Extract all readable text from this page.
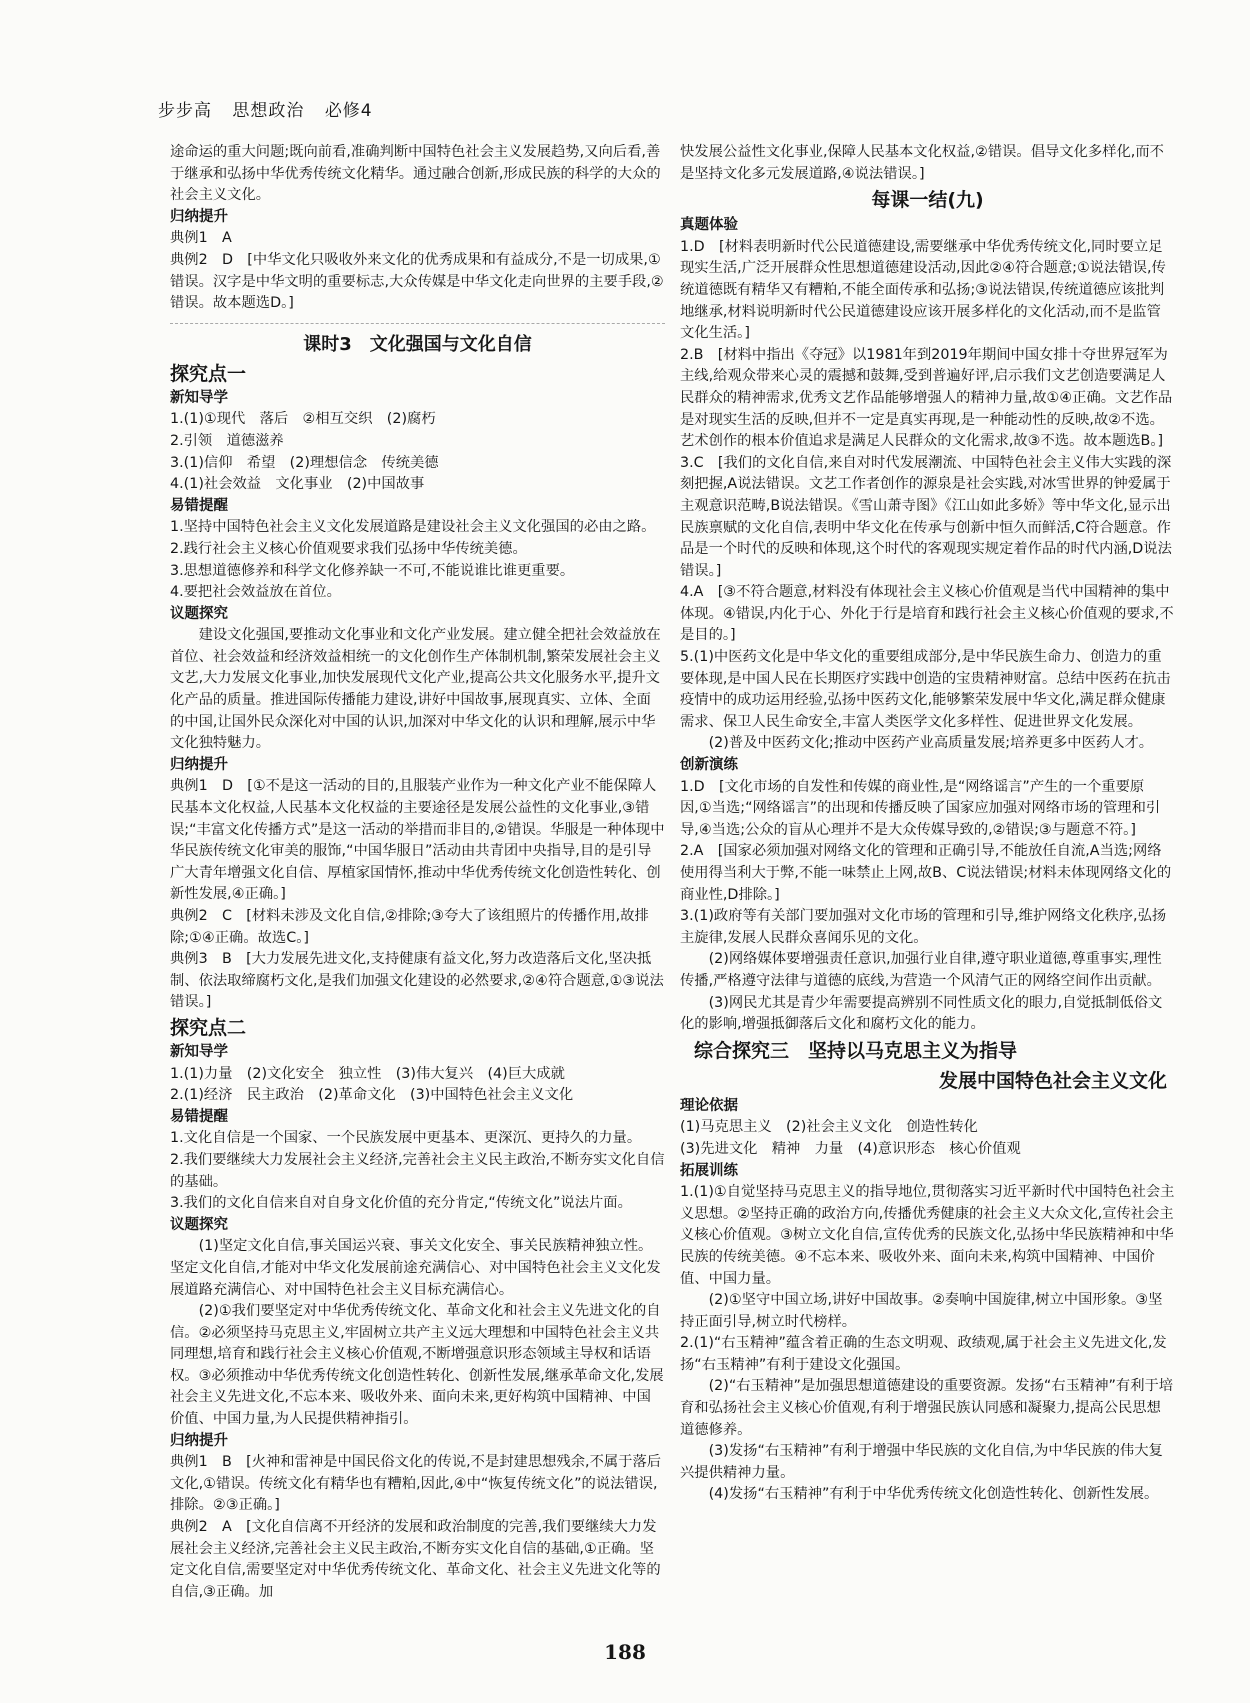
步步高 思想政治 必修4

途命运的重大问题;既向前看,准确判断中国特色社会主义发展趋势,又向后看,善于继承和弘扬中华优秀传统文化精华。通过融合创新,形成民族的科学的大众的社会主义文化。

归纳提升

典例1　A

典例2　D　[中华文化只吸收外来文化的优秀成果和有益成分,不是一切成果,①错误。汉字是中华文明的重要标志,大众传媒是中华文化走向世界的主要手段,②错误。故本题选D。]

课时3　文化强国与文化自信

探究点一

新知导学

1.(1)①现代　落后　②相互交织　(2)腐朽

2.引领　道德滋养

3.(1)信仰　希望　(2)理想信念　传统美德

4.(1)社会效益　文化事业　(2)中国故事

易错提醒

1.坚持中国特色社会主义文化发展道路是建设社会主义文化强国的必由之路。

2.践行社会主义核心价值观要求我们弘扬中华传统美德。

3.思想道德修养和科学文化修养缺一不可,不能说谁比谁更重要。

4.要把社会效益放在首位。

议题探究

建设文化强国,要推动文化事业和文化产业发展。建立健全把社会效益放在首位、社会效益和经济效益相统一的文化创作生产体制机制,繁荣发展社会主义文艺,大力发展文化事业,加快发展现代文化产业,提高公共文化服务水平,提升文化产品的质量。推进国际传播能力建设,讲好中国故事,展现真实、立体、全面的中国,让国外民众深化对中国的认识,加深对中华文化的认识和理解,展示中华文化独特魅力。

归纳提升

典例1　D　[①不是这一活动的目的,且服装产业作为一种文化产业不能保障人民基本文化权益,人民基本文化权益的主要途径是发展公益性的文化事业,③错误;“丰富文化传播方式”是这一活动的举措而非目的,②错误。华服是一种体现中华民族传统文化审美的服饰,“中国华服日”活动由共青团中央指导,目的是引导广大青年增强文化自信、厚植家国情怀,推动中华优秀传统文化创造性转化、创新性发展,④正确。]

典例2　C　[材料未涉及文化自信,②排除;③夸大了该组照片的传播作用,故排除;①④正确。故选C。]

典例3　B　[大力发展先进文化,支持健康有益文化,努力改造落后文化,坚决抵制、依法取缔腐朽文化,是我们加强文化建设的必然要求,②④符合题意,①③说法错误。]

探究点二

新知导学

1.(1)力量　(2)文化安全　独立性　(3)伟大复兴　(4)巨大成就

2.(1)经济　民主政治　(2)革命文化　(3)中国特色社会主义文化

易错提醒

1.文化自信是一个国家、一个民族发展中更基本、更深沉、更持久的力量。

2.我们要继续大力发展社会主义经济,完善社会主义民主政治,不断夯实文化自信的基础。

3.我们的文化自信来自对自身文化价值的充分肯定,“传统文化”说法片面。

议题探究

(1)坚定文化自信,事关国运兴衰、事关文化安全、事关民族精神独立性。坚定文化自信,才能对中华文化发展前途充满信心、对中国特色社会主义文化发展道路充满信心、对中国特色社会主义目标充满信心。

(2)①我们要坚定对中华优秀传统文化、革命文化和社会主义先进文化的自信。②必须坚持马克思主义,牢固树立共产主义远大理想和中国特色社会主义共同理想,培育和践行社会主义核心价值观,不断增强意识形态领域主导权和话语权。③必须推动中华优秀传统文化创造性转化、创新性发展,继承革命文化,发展社会主义先进文化,不忘本来、吸收外来、面向未来,更好构筑中国精神、中国价值、中国力量,为人民提供精神指引。

归纳提升

典例1　B　[火神和雷神是中国民俗文化的传说,不是封建思想残余,不属于落后文化,①错误。传统文化有精华也有糟粕,因此,④中“恢复传统文化”的说法错误,排除。②③正确。]

典例2　A　[文化自信离不开经济的发展和政治制度的完善,我们要继续大力发展社会主义经济,完善社会主义民主政治,不断夯实文化自信的基础,①正确。坚定文化自信,需要坚定对中华优秀传统文化、革命文化、社会主义先进文化等的自信,③正确。加

快发展公益性文化事业,保障人民基本文化权益,②错误。倡导文化多样化,而不是坚持文化多元发展道路,④说法错误。]

每课一结(九)

真题体验

1.D　[材料表明新时代公民道德建设,需要继承中华优秀传统文化,同时要立足现实生活,广泛开展群众性思想道德建设活动,因此②④符合题意;①说法错误,传统道德既有精华又有糟粕,不能全面传承和弘扬;③说法错误,传统道德应该批判地继承,材料说明新时代公民道德建设应该开展多样化的文化活动,而不是监管文化生活。]

2.B　[材料中指出《夺冠》以1981年到2019年期间中国女排十夺世界冠军为主线,给观众带来心灵的震撼和鼓舞,受到普遍好评,启示我们文艺创造要满足人民群众的精神需求,优秀文艺作品能够增强人的精神力量,故①④正确。文艺作品是对现实生活的反映,但并不一定是真实再现,是一种能动性的反映,故②不选。艺术创作的根本价值追求是满足人民群众的文化需求,故③不选。故本题选B。]

3.C　[我们的文化自信,来自对时代发展潮流、中国特色社会主义伟大实践的深刻把握,A说法错误。文艺工作者创作的源泉是社会实践,对冰雪世界的钟爱属于主观意识范畴,B说法错误。《雪山萧寺图》《江山如此多娇》等中华文化,显示出民族禀赋的文化自信,表明中华文化在传承与创新中恒久而鲜活,C符合题意。作品是一个时代的反映和体现,这个时代的客观现实规定着作品的时代内涵,D说法错误。]

4.A　[③不符合题意,材料没有体现社会主义核心价值观是当代中国精神的集中体现。④错误,内化于心、外化于行是培育和践行社会主义核心价值观的要求,不是目的。]

5.(1)中医药文化是中华文化的重要组成部分,是中华民族生命力、创造力的重要体现,是中国人民在长期医疗实践中创造的宝贵精神财富。总结中医药在抗击疫情中的成功运用经验,弘扬中医药文化,能够繁荣发展中华文化,满足群众健康需求、保卫人民生命安全,丰富人类医学文化多样性、促进世界文化发展。

(2)普及中医药文化;推动中医药产业高质量发展;培养更多中医药人才。

创新演练

1.D　[文化市场的自发性和传媒的商业性,是“网络谣言”产生的一个重要原因,①当选;“网络谣言”的出现和传播反映了国家应加强对网络市场的管理和引导,④当选;公众的盲从心理并不是大众传媒导致的,②错误;③与题意不符。]

2.A　[国家必须加强对网络文化的管理和正确引导,不能放任自流,A当选;网络使用得当利大于弊,不能一味禁止上网,故B、C说法错误;材料未体现网络文化的商业性,D排除。]

3.(1)政府等有关部门要加强对文化市场的管理和引导,维护网络文化秩序,弘扬主旋律,发展人民群众喜闻乐见的文化。

(2)网络媒体要增强责任意识,加强行业自律,遵守职业道德,尊重事实,理性传播,严格遵守法律与道德的底线,为营造一个风清气正的网络空间作出贡献。

(3)网民尤其是青少年需要提高辨别不同性质文化的眼力,自觉抵制低俗文化的影响,增强抵御落后文化和腐朽文化的能力。

综合探究三　坚持以马克思主义为指导

发展中国特色社会主义文化

理论依据

(1)马克思主义　(2)社会主义文化　创造性转化

(3)先进文化　精神　力量　(4)意识形态　核心价值观

拓展训练

1.(1)①自觉坚持马克思主义的指导地位,贯彻落实习近平新时代中国特色社会主义思想。②坚持正确的政治方向,传播优秀健康的社会主义大众文化,宣传社会主义核心价值观。③树立文化自信,宣传优秀的民族文化,弘扬中华民族精神和中华民族的传统美德。④不忘本来、吸收外来、面向未来,构筑中国精神、中国价值、中国力量。

(2)①坚守中国立场,讲好中国故事。②奏响中国旋律,树立中国形象。③坚持正面引导,树立时代榜样。

2.(1)“右玉精神”蕴含着正确的生态文明观、政绩观,属于社会主义先进文化,发扬“右玉精神”有利于建设文化强国。

(2)“右玉精神”是加强思想道德建设的重要资源。发扬“右玉精神”有利于培育和弘扬社会主义核心价值观,有利于增强民族认同感和凝聚力,提高公民思想道德修养。

(3)发扬“右玉精神”有利于增强中华民族的文化自信,为中华民族的伟大复兴提供精神力量。

(4)发扬“右玉精神”有利于中华优秀传统文化创造性转化、创新性发展。

188
